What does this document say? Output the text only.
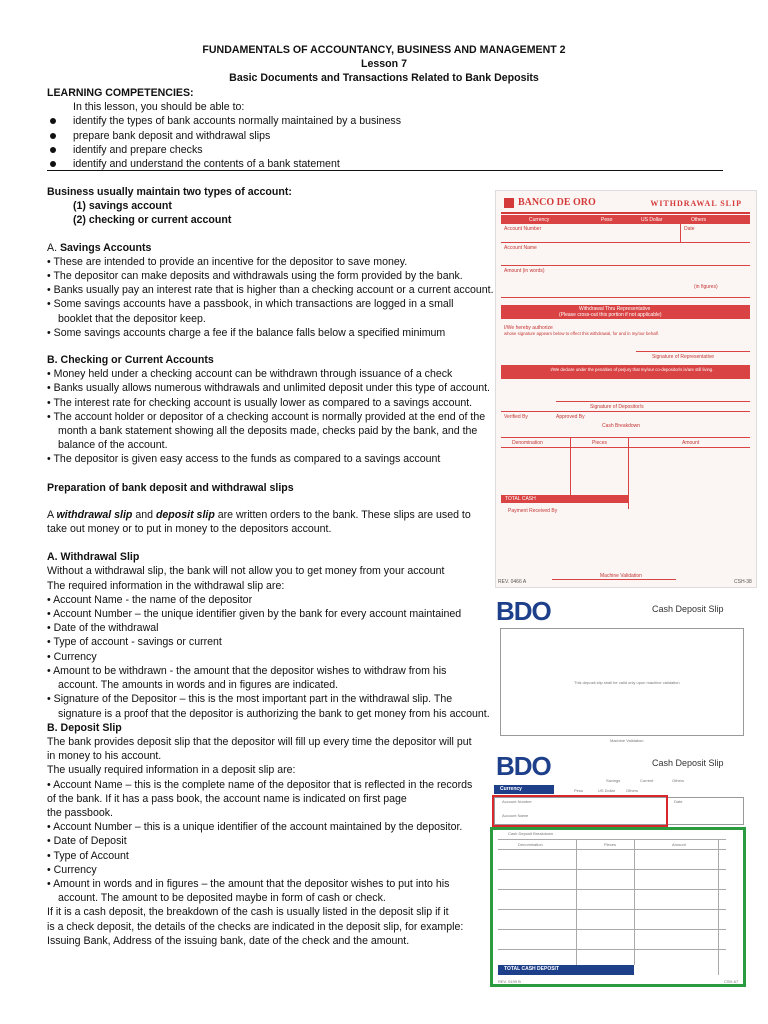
FUNDAMENTALS OF ACCOUNTANCY, BUSINESS AND MANAGEMENT 2
Lesson 7
Basic Documents and Transactions Related to Bank Deposits
LEARNING COMPETENCIES:
In this lesson, you should be able to:
identify the types of bank accounts normally maintained by a business
prepare bank deposit and withdrawal slips
identify and prepare checks
identify and understand the contents of a bank statement

Business usually maintain two types of account:

(1) savings account

(2) checking or current account

A. Savings Accounts

• These are intended to provide an incentive for the depositor to save money.

• The depositor can make deposits and withdrawals using the form provided by the bank.

• Banks usually pay an interest rate that is higher than a checking account or a current account.

• Some savings accounts have a passbook, in which transactions are logged in a small

booklet that the depositor keep.

• Some savings accounts charge a fee if the balance falls below a specified minimum

B. Checking or Current Accounts

• Money held under a checking account can be withdrawn through issuance of a check

• Banks usually allows numerous withdrawals and unlimited deposit under this type of account.

• The interest rate for checking account is usually lower as compared to a savings account.

• The account holder or depositor of a checking account is normally provided at the end of the

month a bank statement showing all the deposits made, checks paid by the bank, and the

balance of the account.

• The depositor is given easy access to the funds as compared to a savings account

Preparation of bank deposit and withdrawal slips

A withdrawal slip and deposit slip are written orders to the bank. These slips are used to

take out money or to put in money to the depositors account.

A. Withdrawal Slip

Without a withdrawal slip, the bank will not allow you to get money from your account

The required information in the withdrawal slip are:

• Account Name - the name of the depositor

• Account Number – the unique identifier given by the bank for every account maintained

• Date of the withdrawal

• Type of account - savings or current

• Currency

• Amount to be withdrawn - the amount that the depositor wishes to withdraw from his

account. The amounts in words and in figures are indicated.

• Signature of the Depositor – this is the most important part in the withdrawal slip. The

signature is a proof that the depositor is authorizing the bank to get money from his account.

B. Deposit Slip

The bank provides deposit slip that the depositor will fill up every time the depositor will put

in money to his account.

The usually required information in a deposit slip are:

• Account Name – this is the complete name of the depositor that is reflected in the records

of the bank. If it has a pass book, the account name is indicated on first page

the passbook.

• Account Number – this is a unique identifier of the account maintained by the depositor.

• Date of Deposit

• Type of Account

• Currency

• Amount in words and in figures – the amount that the depositor wishes to put into his

account. The amount to be deposited maybe in form of cash or check.

If it is a cash deposit, the breakdown of the cash is usually listed in the deposit slip if it

is a check deposit, the details of the checks are indicated in the deposit slip, for example:

Issuing Bank, Address of the issuing bank, date of the check and the amount.

BANCO DE ORO	WITHDRAWAL SLIP
Currency	Peso	US Dollar	Others
Account Number	Date
Account Name
Amount (in words)
(in figures)
Withdrawal Thru Representative
(Please cross-out this portion if not applicable)
I/We hereby authorize
whose signature appears below to effect this withdrawal, for and in my/our behalf.
Signature of Representative
I/We declare under the penalties of perjury that my/our co-depositor/s is/are still living.
Signature of Depositor/s
Verified By	Approved By
Cash Breakdown
Denomination	Pieces	Amount
TOTAL CASH
Payment Received By
Machine Validation
REV. 0466 A	CSH-38
BDO	Cash Deposit Slip
This deposit slip shall be valid only upon machine validation
Machine Validation
BDO	Cash Deposit Slip
Savings	Current	Others
Currency	Peso	US Dollar	Others
Account Number	Date
Account Name
Cash Deposit Breakdown
Denomination	Pieces	Amount
TOTAL CASH DEPOSIT
REV. 0199 B	CSH-67
